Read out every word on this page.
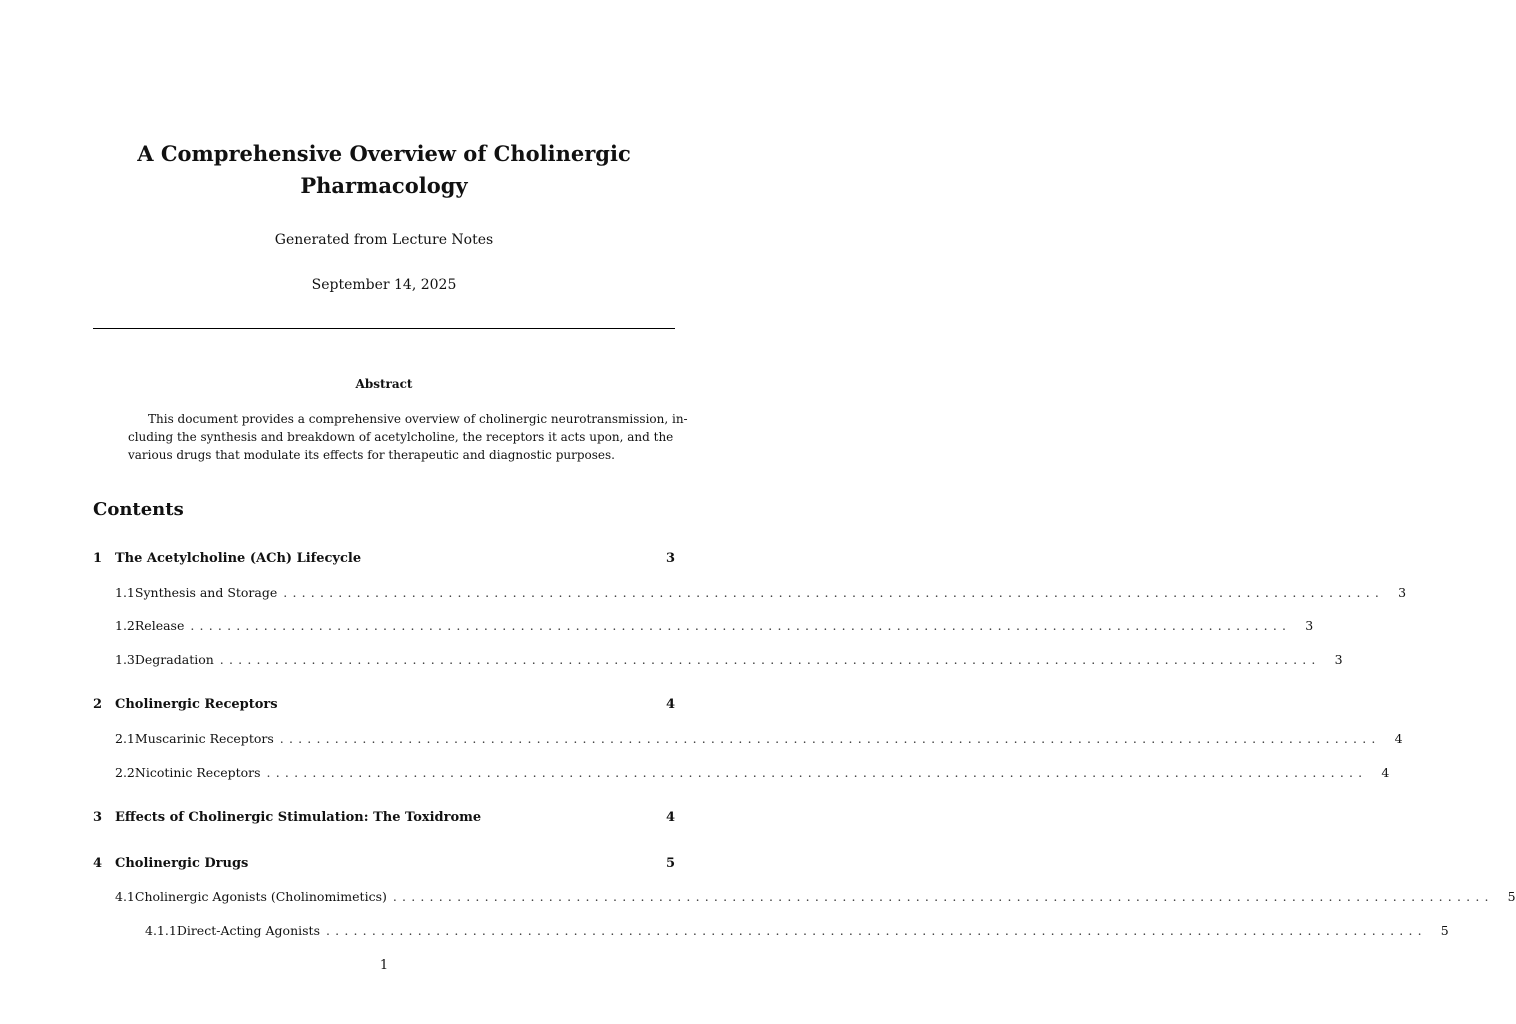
A Comprehensive Overview of Cholinergic
Pharmacology
Generated from Lecture Notes
September 14, 2025
Abstract
This document provides a comprehensive overview of cholinergic neurotransmission, in-
cluding the synthesis and breakdown of acetylcholine, the receptors it acts upon, and the
various drugs that modulate its effects for therapeutic and diagnostic purposes.
Contents
1 The Acetylcholine (ACh) Lifecycle	3
1.1 Synthesis and Storage ........................................................................................................................	3
1.2 Release ........................................................................................................................	3
1.3 Degradation ........................................................................................................................	3
2 Cholinergic Receptors	4
2.1 Muscarinic Receptors ........................................................................................................................	4
2.2 Nicotinic Receptors ........................................................................................................................	4
3 Effects of Cholinergic Stimulation: The Toxidrome	4
4 Cholinergic Drugs	5
4.1 Cholinergic Agonists (Cholinomimetics) ........................................................................................................................	5
4.1.1 Direct-Acting Agonists ........................................................................................................................	5
1
